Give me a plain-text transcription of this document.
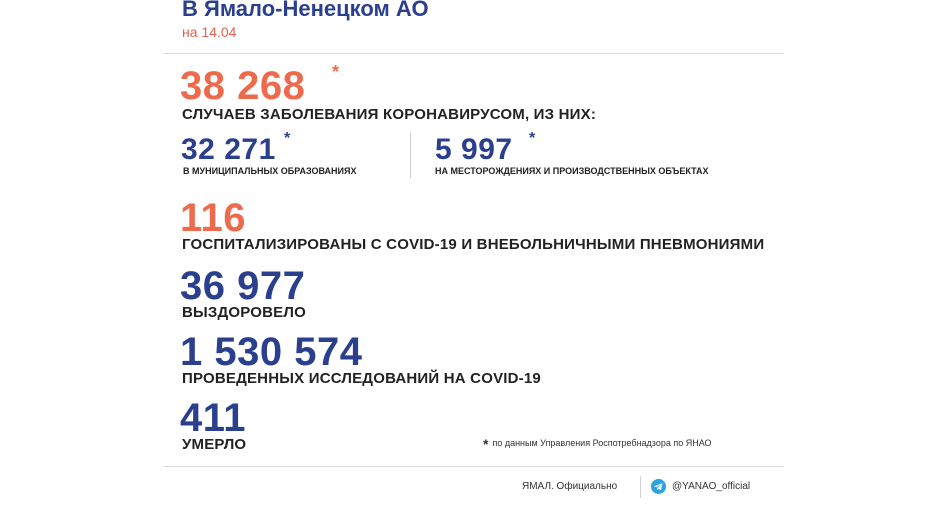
В Ямало-Ненецком АО
на 14.04
38 268 *
СЛУЧАЕВ ЗАБОЛЕВАНИЯ КОРОНАВИРУСОМ, ИЗ НИХ:
32 271 *
В МУНИЦИПАЛЬНЫХ ОБРАЗОВАНИЯХ
5 997 *
НА МЕСТОРОЖДЕНИЯХ И ПРОИЗВОДСТВЕННЫХ ОБЪЕКТАХ
116
ГОСПИТАЛИЗИРОВАНЫ С COVID-19 И ВНЕБОЛЬНИЧНЫМИ ПНЕВМОНИЯМИ
36 977
ВЫЗДОРОВЕЛО
1 530 574
ПРОВЕДЕННЫХ ИССЛЕДОВАНИЙ НА COVID-19
411
УМЕРЛО	* по данным Управления Роспотребнадзора по ЯНАО
ЯМАЛ. Официально	@YANAO_official
